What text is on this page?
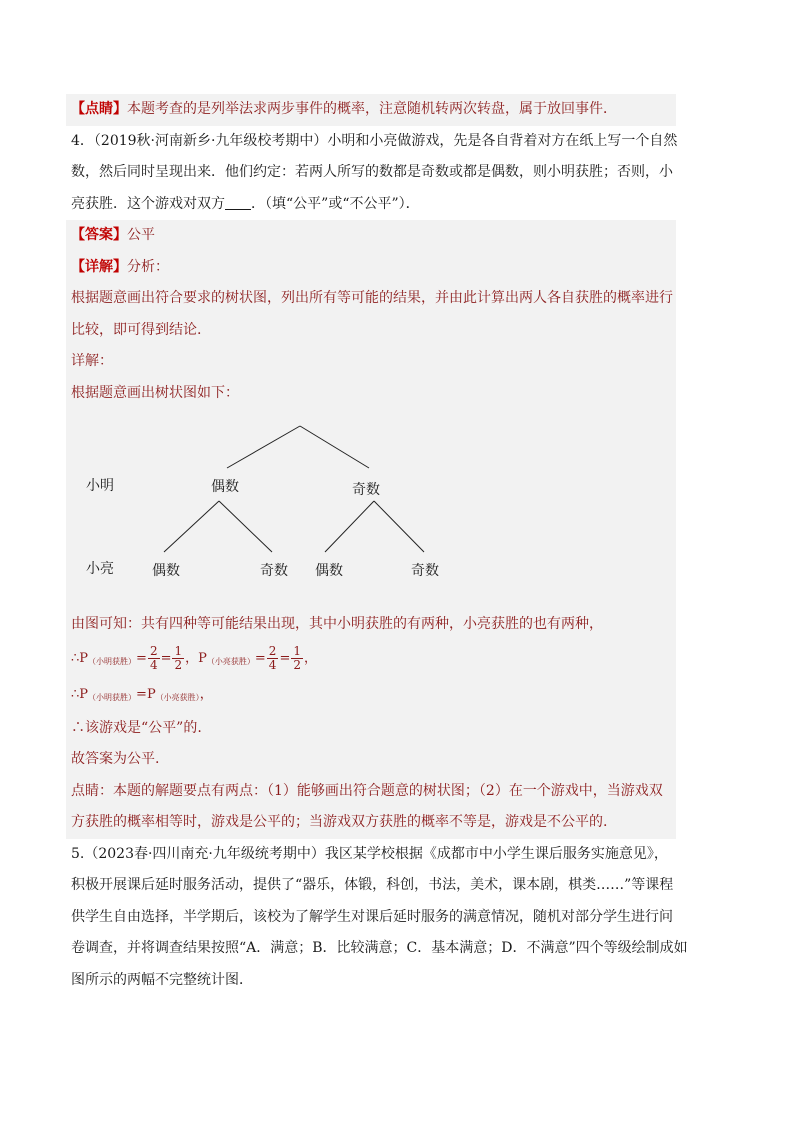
【点睛】本题考查的是列举法求两步事件的概率，注意随机转两次转盘，属于放回事件．
4．（2019秋·河南新乡·九年级校考期中）小明和小亮做游戏，先是各自背着对方在纸上写一个自然
数，然后同时呈现出来．他们约定：若两人所写的数都是奇数或都是偶数，则小明获胜；否则，小
亮获胜．这个游戏对双方 ．（填“公平”或“不公平”）．
【答案】公平
【详解】分析：
根据题意画出符合要求的树状图，列出所有等可能的结果，并由此计算出两人各自获胜的概率进行
比较，即可得到结论.
详解：
根据题意画出树状图如下：
小明
小亮
偶数	奇数
偶数	奇数 偶数	奇数
由图可知：共有四种等可能结果出现，其中小明获胜的有两种，小亮获胜的也有两种，
$\therefore P_{(小明获胜)}= \frac{2}{4} = \frac{1}{2}$ ，$P_{(小亮获胜)}= \frac{2}{4} = \frac{1}{2}$ ，
$\therefore P_{(小明获胜)}=P_{(小亮获胜)}$，
∴该游戏是“公平”的.
故答案为公平.
点睛：本题的解题要点有两点：（1）能够画出符合题意的树状图；（2）在一个游戏中，当游戏双
方获胜的概率相等时，游戏是公平的；当游戏双方获胜的概率不等是，游戏是不公平的.
5.（2023春·四川南充·九年级统考期中）我区某学校根据《成都市中小学生课后服务实施意见》，
积极开展课后延时服务活动，提供了“器乐，体锻，科创，书法，美术，课本剧，棋类……”等课程
供学生自由选择，半学期后，该校为了解学生对课后延时服务的满意情况，随机对部分学生进行问
卷调查，并将调查结果按照“A．满意；B．比较满意；C．基本满意；D．不满意”四个等级绘制成如
图所示的两幅不完整统计图．
